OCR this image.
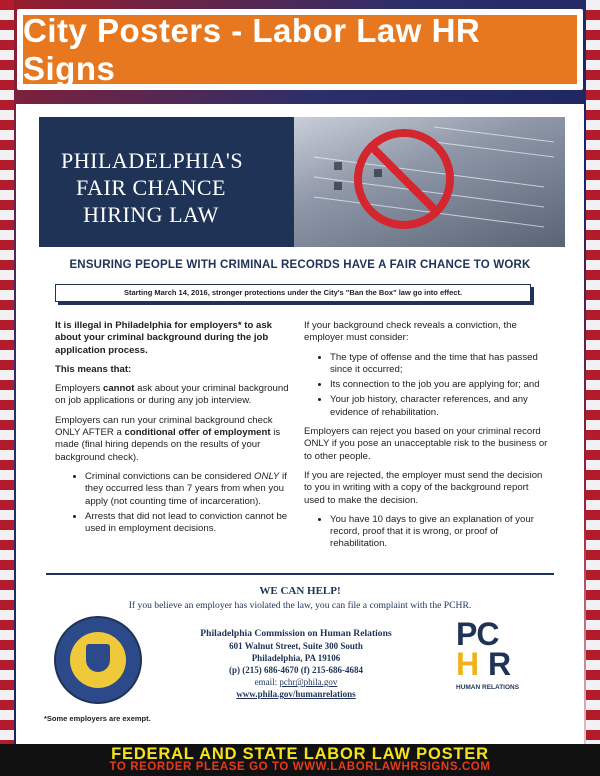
City Posters - Labor Law HR Signs
PHILADELPHIA'S
FAIR CHANCE
HIRING LAW
ENSURING PEOPLE WITH CRIMINAL RECORDS HAVE A FAIR CHANCE TO WORK
Starting March 14, 2016, stronger protections under the City's "Ban the Box" law go into effect.

It is illegal in Philadelphia for employers* to ask about your criminal background during the job application process.

This means that:

Employers cannot ask about your criminal background on job applications or during any job interview.

Employers can run your criminal background check ONLY AFTER a conditional offer of employment is made (final hiring depends on the results of your background check).

• Criminal convictions can be considered ONLY if they occurred less than 7 years from when you apply (not counting time of incarceration).
• Arrests that did not lead to conviction cannot be used in employment decisions.

If your background check reveals a conviction, the employer must consider:

• The type of offense and the time that has passed since it occurred;
• Its connection to the job you are applying for; and
• Your job history, character references, and any evidence of rehabilitation.

Employers can reject you based on your criminal record ONLY if you pose an unacceptable risk to the business or to other people.

If you are rejected, the employer must send the decision to you in writing with a copy of the background report used to make the decision.

• You have 10 days to give an explanation of your record, proof that it is wrong, or proof of rehabilitation.
WE CAN HELP!
If you believe an employer has violated the law, you can file a complaint with the PCHR.
Philadelphia Commission on Human Relations
601 Walnut Street, Suite 300 South
Philadelphia, PA 19106
(p) (215) 686-4670 (f) 215-686-4684
email: pchr@phila.gov
www.phila.gov/humanrelations
PC
H R
HUMAN RELATIONS
*Some employers are exempt.
FEDERAL AND STATE LABOR LAW POSTER
TO REORDER PLEASE GO TO WWW.LABORLAWHRSIGNS.COM
